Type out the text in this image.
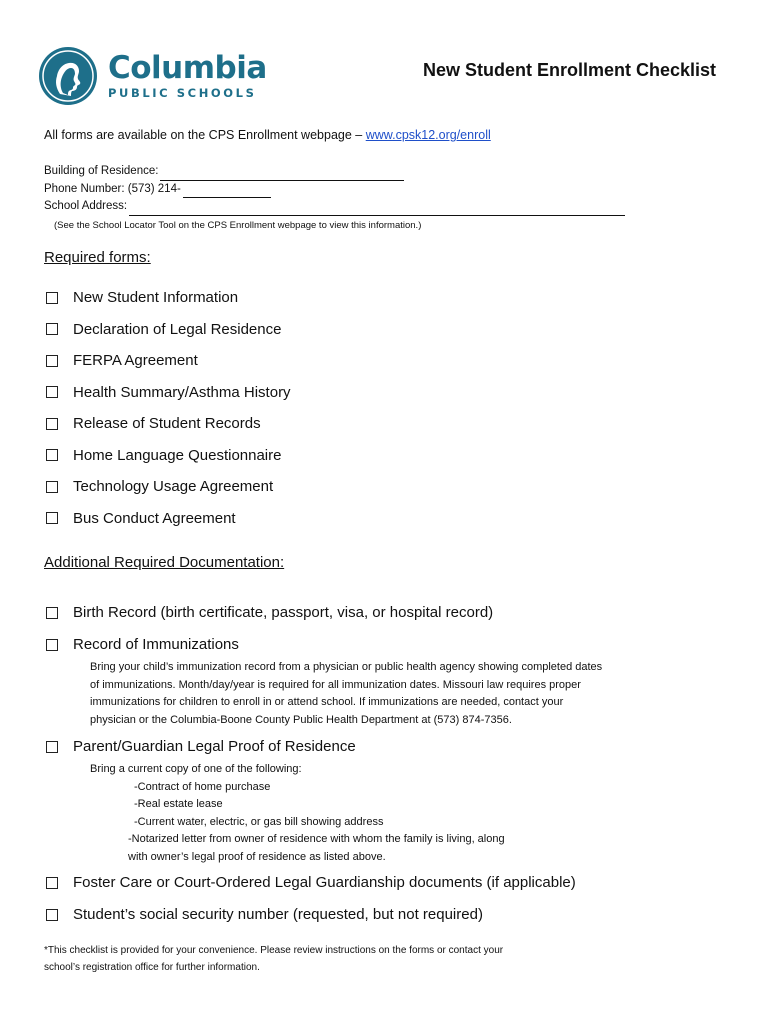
Columbia
PUBLIC SCHOOLS
New Student Enrollment Checklist
All forms are available on the CPS Enrollment webpage – www.cpsk12.org/enroll
Building of Residence:
Phone Number: (573) 214-
School Address:
(See the School Locator Tool on the CPS Enrollment webpage to view this information.)
Required forms:
New Student Information
Declaration of Legal Residence
FERPA Agreement
Health Summary/Asthma History
Release of Student Records
Home Language Questionnaire
Technology Usage Agreement
Bus Conduct Agreement
Additional Required Documentation:
Birth Record (birth certificate, passport, visa, or hospital record)
Record of Immunizations
Bring your child’s immunization record from a physician or public health agency showing completed dates
of immunizations. Month/day/year is required for all immunization dates. Missouri law requires proper
immunizations for children to enroll in or attend school. If immunizations are needed, contact your
physician or the Columbia-Boone County Public Health Department at (573) 874-7356.
Parent/Guardian Legal Proof of Residence
Bring a current copy of one of the following:
-Contract of home purchase
-Real estate lease
-Current water, electric, or gas bill showing address
-Notarized letter from owner of residence with whom the family is living, along
with owner’s legal proof of residence as listed above.
Foster Care or Court-Ordered Legal Guardianship documents (if applicable)
Student’s social security number (requested, but not required)
*This checklist is provided for your convenience. Please review instructions on the forms or contact your
school’s registration office for further information.
